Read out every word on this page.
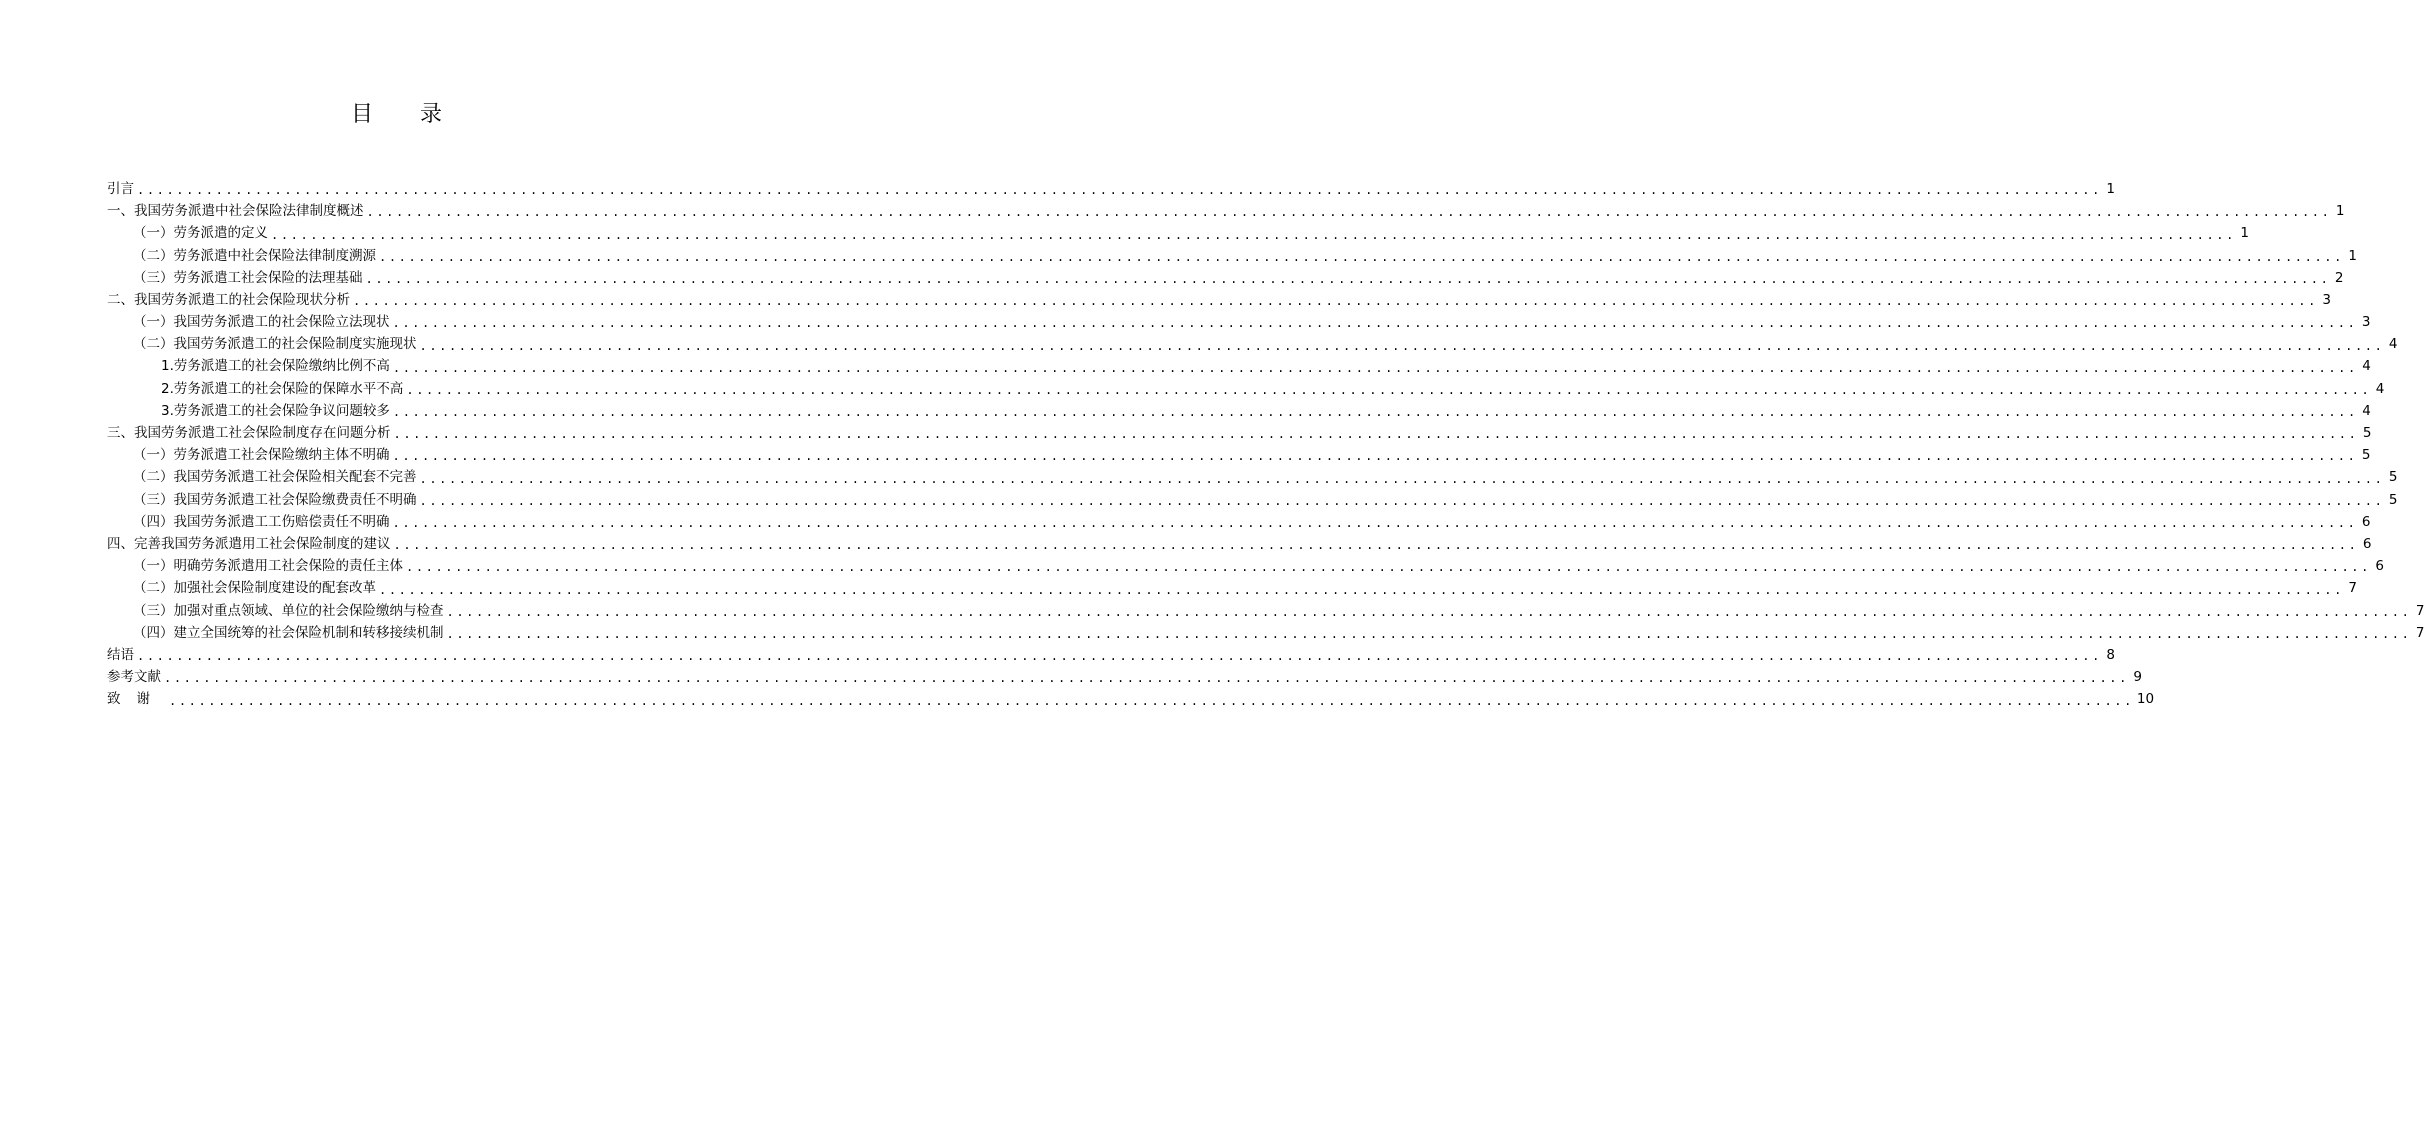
目 录
引言 ........................................................................................................................................................................................................ 1
一、我国劳务派遣中社会保险法律制度概述 ........................................................................................................................................................................................................ 1
（一）劳务派遣的定义 ........................................................................................................................................................................................................ 1
（二）劳务派遣中社会保险法律制度溯源 ........................................................................................................................................................................................................ 1
（三）劳务派遣工社会保险的法理基础 ........................................................................................................................................................................................................ 2
二、我国劳务派遣工的社会保险现状分析 ........................................................................................................................................................................................................ 3
（一）我国劳务派遣工的社会保险立法现状 ........................................................................................................................................................................................................ 3
（二）我国劳务派遣工的社会保险制度实施现状 ........................................................................................................................................................................................................ 4
1.劳务派遣工的社会保险缴纳比例不高 ........................................................................................................................................................................................................ 4
2.劳务派遣工的社会保险的保障水平不高 ........................................................................................................................................................................................................ 4
3.劳务派遣工的社会保险争议问题较多 ........................................................................................................................................................................................................ 4
三、我国劳务派遣工社会保险制度存在问题分析 ........................................................................................................................................................................................................ 5
（一）劳务派遣工社会保险缴纳主体不明确 ........................................................................................................................................................................................................ 5
（二）我国劳务派遣工社会保险相关配套不完善 ........................................................................................................................................................................................................ 5
（三）我国劳务派遣工社会保险缴费责任不明确 ........................................................................................................................................................................................................ 5
（四）我国劳务派遣工工伤赔偿责任不明确 ........................................................................................................................................................................................................ 6
四、完善我国劳务派遣用工社会保险制度的建议 ........................................................................................................................................................................................................ 6
（一）明确劳务派遣用工社会保险的责任主体 ........................................................................................................................................................................................................ 6
（二）加强社会保险制度建设的配套改革 ........................................................................................................................................................................................................ 7
（三）加强对重点领域、单位的社会保险缴纳与检查 ........................................................................................................................................................................................................ 7
（四）建立全国统筹的社会保险机制和转移接续机制 ........................................................................................................................................................................................................ 7
结语 ........................................................................................................................................................................................................ 8
参考文献 ........................................................................................................................................................................................................ 9
致谢 ........................................................................................................................................................................................................ 10
